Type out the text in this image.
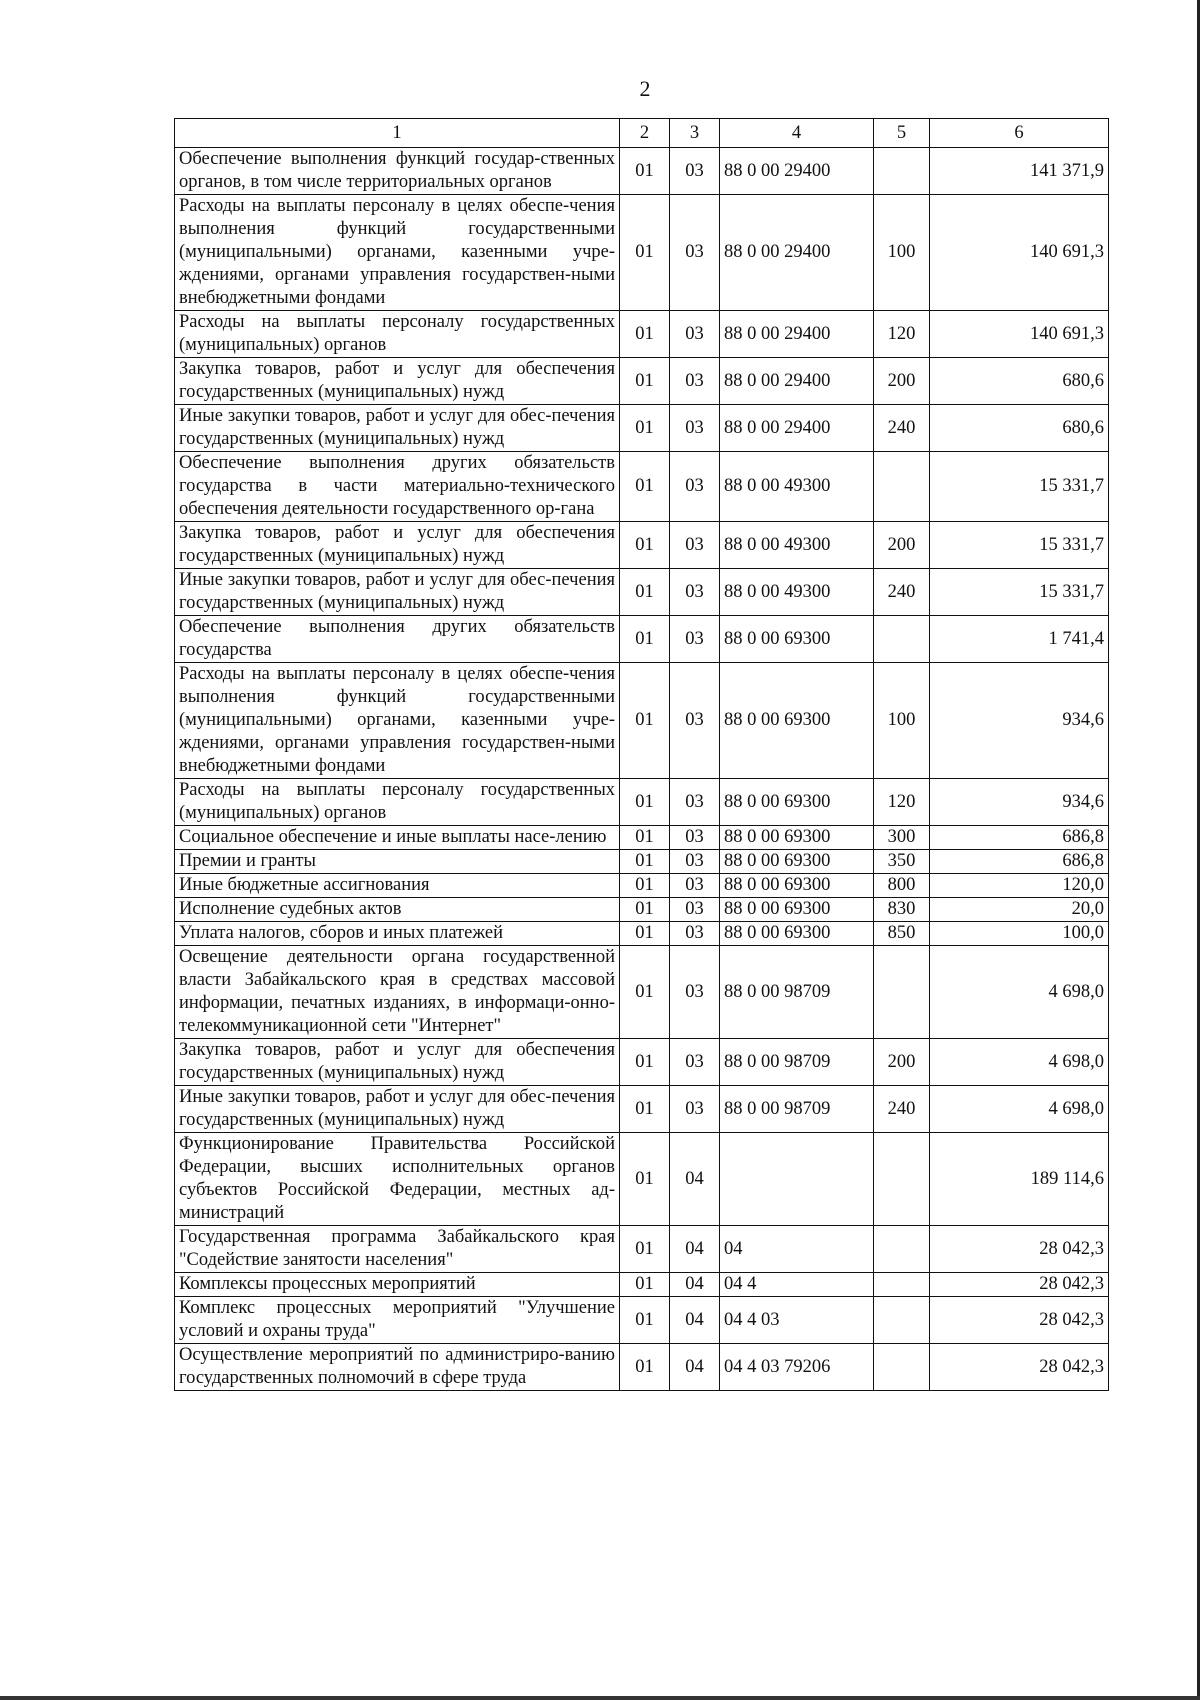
2
1	2	3	4	5	6
Обеспечение выполнения функций государ-ственных органов, в том числе территориальных органов	01	03	88 0 00 29400		141 371,9
Расходы на выплаты персоналу в целях обеспе-чения выполнения функций государственными (муниципальными) органами, казенными учре-ждениями, органами управления государствен-ными внебюджетными фондами	01	03	88 0 00 29400	100	140 691,3
Расходы на выплаты персоналу государственных (муниципальных) органов	01	03	88 0 00 29400	120	140 691,3
Закупка товаров, работ и услуг для обеспечения государственных (муниципальных) нужд	01	03	88 0 00 29400	200	680,6
Иные закупки товаров, работ и услуг для обес-печения государственных (муниципальных) нужд	01	03	88 0 00 29400	240	680,6
Обеспечение выполнения других обязательств государства в части материально-технического обеспечения деятельности государственного ор-гана	01	03	88 0 00 49300		15 331,7
Закупка товаров, работ и услуг для обеспечения государственных (муниципальных) нужд	01	03	88 0 00 49300	200	15 331,7
Иные закупки товаров, работ и услуг для обес-печения государственных (муниципальных) нужд	01	03	88 0 00 49300	240	15 331,7
Обеспечение выполнения других обязательств государства	01	03	88 0 00 69300		1 741,4
Расходы на выплаты персоналу в целях обеспе-чения выполнения функций государственными (муниципальными) органами, казенными учре-ждениями, органами управления государствен-ными внебюджетными фондами	01	03	88 0 00 69300	100	934,6
Расходы на выплаты персоналу государственных (муниципальных) органов	01	03	88 0 00 69300	120	934,6
Социальное обеспечение и иные выплаты насе-лению	01	03	88 0 00 69300	300	686,8
Премии и гранты	01	03	88 0 00 69300	350	686,8
Иные бюджетные ассигнования	01	03	88 0 00 69300	800	120,0
Исполнение судебных актов	01	03	88 0 00 69300	830	20,0
Уплата налогов, сборов и иных платежей	01	03	88 0 00 69300	850	100,0
Освещение деятельности органа государственной власти Забайкальского края в средствах массовой информации, печатных изданиях, в информаци-онно-телекоммуникационной сети "Интернет"	01	03	88 0 00 98709		4 698,0
Закупка товаров, работ и услуг для обеспечения государственных (муниципальных) нужд	01	03	88 0 00 98709	200	4 698,0
Иные закупки товаров, работ и услуг для обес-печения государственных (муниципальных) нужд	01	03	88 0 00 98709	240	4 698,0
Функционирование Правительства Российской Федерации, высших исполнительных органов субъектов Российской Федерации, местных ад-министраций	01	04			189 114,6
Государственная программа Забайкальского края "Содействие занятости населения"	01	04	04		28 042,3
Комплексы процессных мероприятий	01	04	04 4		28 042,3
Комплекс процессных мероприятий "Улучшение условий и охраны труда"	01	04	04 4 03		28 042,3
Осуществление мероприятий по администриро-ванию государственных полномочий в сфере труда	01	04	04 4 03 79206		28 042,3
